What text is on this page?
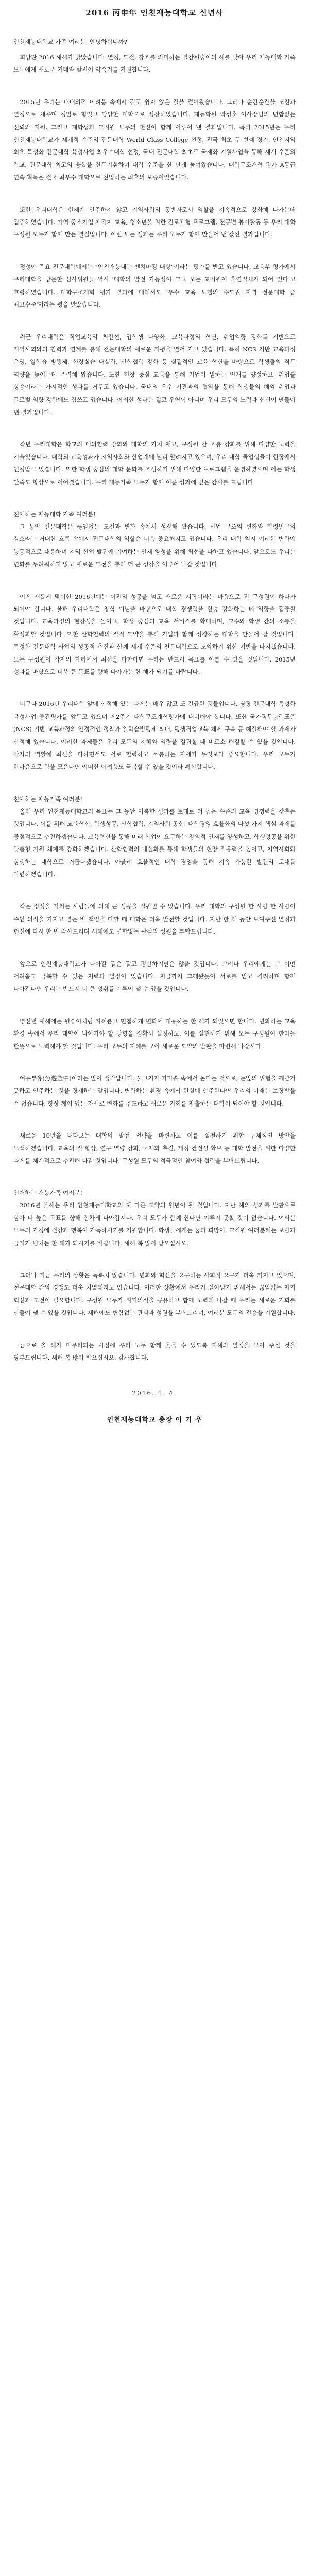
2016 丙申年 인천재능대학교 신년사

인천재능대학교 가족 여러분, 안녕하십니까?

희망찬 2016 새해가 밝았습니다. 열정, 도전, 창조를 의미하는 빨간원숭이의 해를 맞아 우리 재능대학 가족 모두에게 새로운 기대와 발전이 약속기를 기원합니다.

2015년 우리는 대내외적 어려움 속에서 결코 쉽지 않은 길을 걸어왔습니다. 그러나 순간순간을 도전과 열정으로 채우며 정말로 힘있고 당당한 대학으로 성장하였습니다. 재능학원 박성훈 이사장님의 변함없는 신뢰와 지원, 그리고 재학생과 교직원 모두의 헌신이 함께 이루어 낸 결과입니다. 특히 2015년은 우리 인천재능대학교가 세계적 수준의 전문대학 World Class College 선정, 전국 최초 두 번째 경기, 인천지역 최초 특성화 전문대학 육성사업 최우수대학 선정, 국내 전문대학 최초로 국제화 지원사업을 통해 세계 수준의 학교, 전문대학 최고의 융합을 진두지휘하며 대학 수준을 한 단계 높여왔습니다. 대학구조개혁 평가 A등급 연속 획득은 전국 최우수 대학으로 진입하는 최후의 보증이었습니다.

또한 우리대학은 현재에 안주하지 않고 지역사회의 동반자로서 역할을 지속적으로 강화해 나가는데 집중하였습니다. 지역 중소기업 재직자 교육, 청소년을 위한 진로체험 프로그램, 전공별 봉사활동 등 우리 대학 구성원 모두가 함께 만든 결실입니다. 이런 모든 성과는 우리 모두가 함께 만들어 낸 값진 결과입니다.

정성에 주요 전문대학에서는 "인천재능대는 벤치마킹 대상"이라는 평가를 받고 있습니다. 교육부 평가에서 우리대학을 방문한 심사위원들 역시 '대학의 발전 가능성이 크고 모든 교직원이 혼연일체가 되어 있다'고 호평하였습니다. 대학구조개혁 평가 결과에 대해서도 '우수 교육 모델의 수도권 지역 전문대학 중 최고수준'이라는 평을 받았습니다.

취근 우리대학은 직업교육의 최전선, 입학생 다양화, 교육과정의 혁신, 취업역량 강화를 기반으로 지역사회와의 협력과 연계를 통해 전문대학의 새로운 지평을 열어 가고 있습니다. 특히 NCS 기반 교육과정 운영, 일학습 병행제, 현장실습 내실화, 산학협력 강화 등 실질적인 교육 혁신을 바탕으로 학생들의 직무 역량을 높이는데 주력해 왔습니다. 또한 현장 중심 교육을 통해 기업이 원하는 인재를 양성하고, 취업률 상승이라는 가시적인 성과를 거두고 있습니다. 국내외 우수 기관과의 협약을 통해 학생들의 해외 취업과 글로벌 역량 강화에도 힘쓰고 있습니다. 이러한 성과는 결코 우연이 아니며 우리 모두의 노력과 헌신이 만들어 낸 결과입니다.

작년 우리대학은 학교의 대외협력 강화와 대학의 가치 제고, 구성원 간 소통 강화를 위해 다양한 노력을 기울였습니다. 대학의 교육성과가 지역사회와 산업계에 널리 알려지고 있으며, 우리 대학 졸업생들이 현장에서 인정받고 있습니다. 또한 학생 중심의 대학 문화를 조성하기 위해 다양한 프로그램을 운영하였으며 이는 학생 만족도 향상으로 이어졌습니다. 우리 재능가족 모두가 함께 이룬 성과에 깊은 감사를 드립니다.

친애하는 재능대학 가족 여러분!

그 동안 전문대학은 끊임없는 도전과 변화 속에서 성장해 왔습니다. 산업 구조의 변화와 학령인구의 감소라는 거대한 흐름 속에서 전문대학의 역할은 더욱 중요해지고 있습니다. 우리 대학 역시 이러한 변화에 능동적으로 대응하며 지역 산업 발전에 기여하는 인재 양성을 위해 최선을 다하고 있습니다. 앞으로도 우리는 변화를 두려워하지 않고 새로운 도전을 통해 더 큰 성장을 이루어 나갈 것입니다.

이제 새롭게 맞이한 2016년에는 이전의 성공을 넘고 새로운 시작이라는 마음으로 전 구성원이 하나가 되어야 합니다. 올해 우리대학은 창학 이념을 바탕으로 대학 경쟁력을 한층 강화하는 데 역량을 집중할 것입니다. 교육과정의 현장성을 높이고, 학생 중심의 교육 서비스를 확대하며, 교수와 학생 간의 소통을 활성화할 것입니다. 또한 산학협력의 질적 도약을 통해 기업과 함께 성장하는 대학을 만들어 갈 것입니다. 특성화 전문대학 사업의 성공적 추진과 함께 세계 수준의 전문대학으로 도약하기 위한 기반을 다지겠습니다. 모든 구성원이 각자의 자리에서 최선을 다한다면 우리는 반드시 목표를 이룰 수 있을 것입니다. 2015년 성과를 바탕으로 더욱 큰 목표를 향해 나아가는 한 해가 되기를 바랍니다.

더구나 2016년 우리대학 앞에 산적해 있는 과제는 매우 많고 또 긴급한 것들입니다. 당장 전문대학 특성화 육성사업 중간평가를 앞두고 있으며 제2주기 대학구조개혁평가에 대비해야 합니다. 또한 국가직무능력표준(NCS) 기반 교육과정의 안정적인 정착과 일학습병행제 확대, 평생직업교육 체제 구축 등 해결해야 할 과제가 산적해 있습니다. 이러한 과제들은 우리 모두의 지혜와 역량을 결집할 때 비로소 해결할 수 있을 것입니다. 각자의 역할에 최선을 다하면서도 서로 협력하고 소통하는 자세가 무엇보다 중요합니다. 우리 모두가 한마음으로 힘을 모은다면 어떠한 어려움도 극복할 수 있을 것이라 확신합니다.

친애하는 재능가족 여러분!

올해 우리 인천재능대학교의 목표는 그 동안 이룩한 성과를 토대로 더 높은 수준의 교육 경쟁력을 갖추는 것입니다. 이를 위해 교육혁신, 학생성공, 산학협력, 지역사회 공헌, 대학경영 효율화의 다섯 가지 핵심 과제를 중점적으로 추진하겠습니다. 교육혁신을 통해 미래 산업이 요구하는 창의적 인재를 양성하고, 학생성공을 위한 맞춤형 지원 체계를 강화하겠습니다. 산학협력의 내실화를 통해 학생들의 현장 적응력을 높이고, 지역사회와 상생하는 대학으로 거듭나겠습니다. 아울러 효율적인 대학 경영을 통해 지속 가능한 발전의 토대를 마련하겠습니다.

작은 정성을 지키는 사람들에 의해 큰 성공을 일궈낼 수 있습니다. 우리 대학의 구성원 한 사람 한 사람이 주인 의식을 가지고 맡은 바 책임을 다할 때 대학은 더욱 발전할 것입니다. 지난 한 해 동안 보여주신 열정과 헌신에 다시 한 번 감사드리며 새해에도 변함없는 관심과 성원을 부탁드립니다.

앞으로 인천재능대학교가 나아갈 길은 결코 평탄하지만은 않을 것입니다. 그러나 우리에게는 그 어떤 어려움도 극복할 수 있는 저력과 열정이 있습니다. 지금까지 그래왔듯이 서로를 믿고 격려하며 함께 나아간다면 우리는 반드시 더 큰 성취를 이루어 낼 수 있을 것입니다.

병신년 새해에는 원숭이처럼 지혜롭고 민첩하게 변화에 대응하는 한 해가 되었으면 합니다. 변화하는 교육 환경 속에서 우리 대학이 나아가야 할 방향을 정확히 설정하고, 이를 실현하기 위해 모든 구성원이 한마음 한뜻으로 노력해야 할 것입니다. 우리 모두의 지혜를 모아 새로운 도약의 발판을 마련해 나갑시다.

어유부용(魚遊釜中)이라는 말이 생각납니다. 물고기가 가마솥 속에서 논다는 것으로, 눈앞의 위험을 깨닫지 못하고 안주하는 것을 경계하는 말입니다. 변화하는 환경 속에서 현실에 안주한다면 우리의 미래는 보장받을 수 없습니다. 항상 깨어 있는 자세로 변화를 주도하고 새로운 기회를 창출하는 대학이 되어야 할 것입니다.

새로운 10년을 내다보는 대학의 발전 전략을 마련하고 이를 실천하기 위한 구체적인 방안을 모색하겠습니다. 교육의 질 향상, 연구 역량 강화, 국제화 추진, 재정 건전성 확보 등 대학 발전을 위한 다양한 과제를 체계적으로 추진해 나갈 것입니다. 구성원 모두의 적극적인 참여와 협력을 부탁드립니다.

친애하는 재능가족 여러분!

2016년 올해는 우리 인천재능대학교의 또 다른 도약의 원년이 될 것입니다. 지난 해의 성과를 발판으로 삼아 더 높은 목표를 향해 힘차게 나아갑시다. 우리 모두가 함께 한다면 이루지 못할 것이 없습니다. 여러분 모두의 가정에 건강과 행복이 가득하시기를 기원합니다. 학생들에게는 꿈과 희망이, 교직원 여러분께는 보람과 긍지가 넘치는 한 해가 되시기를 바랍니다. 새해 복 많이 받으십시오.

그러나 지금 우리의 상황은 녹록치 않습니다. 변화와 혁신을 요구하는 사회적 요구가 더욱 커지고 있으며, 전문대학 간의 경쟁도 더욱 치열해지고 있습니다. 이러한 상황에서 우리가 살아남기 위해서는 끊임없는 자기 혁신과 도전이 필요합니다. 구성원 모두가 위기의식을 공유하고 함께 노력해 나갈 때 우리는 새로운 기회를 만들어 낼 수 있을 것입니다. 새해에도 변함없는 관심과 성원을 부탁드리며, 여러분 모두의 건승을 기원합니다.

끝으로 올 해가 마무리되는 시점에 우리 모두 함께 웃을 수 있도록 지혜와 열정을 모아 주실 것을 당부드립니다. 새해 복 많이 받으십시오. 감사합니다.

2016. 1. 4.

인천재능대학교 총장 이 기 우
